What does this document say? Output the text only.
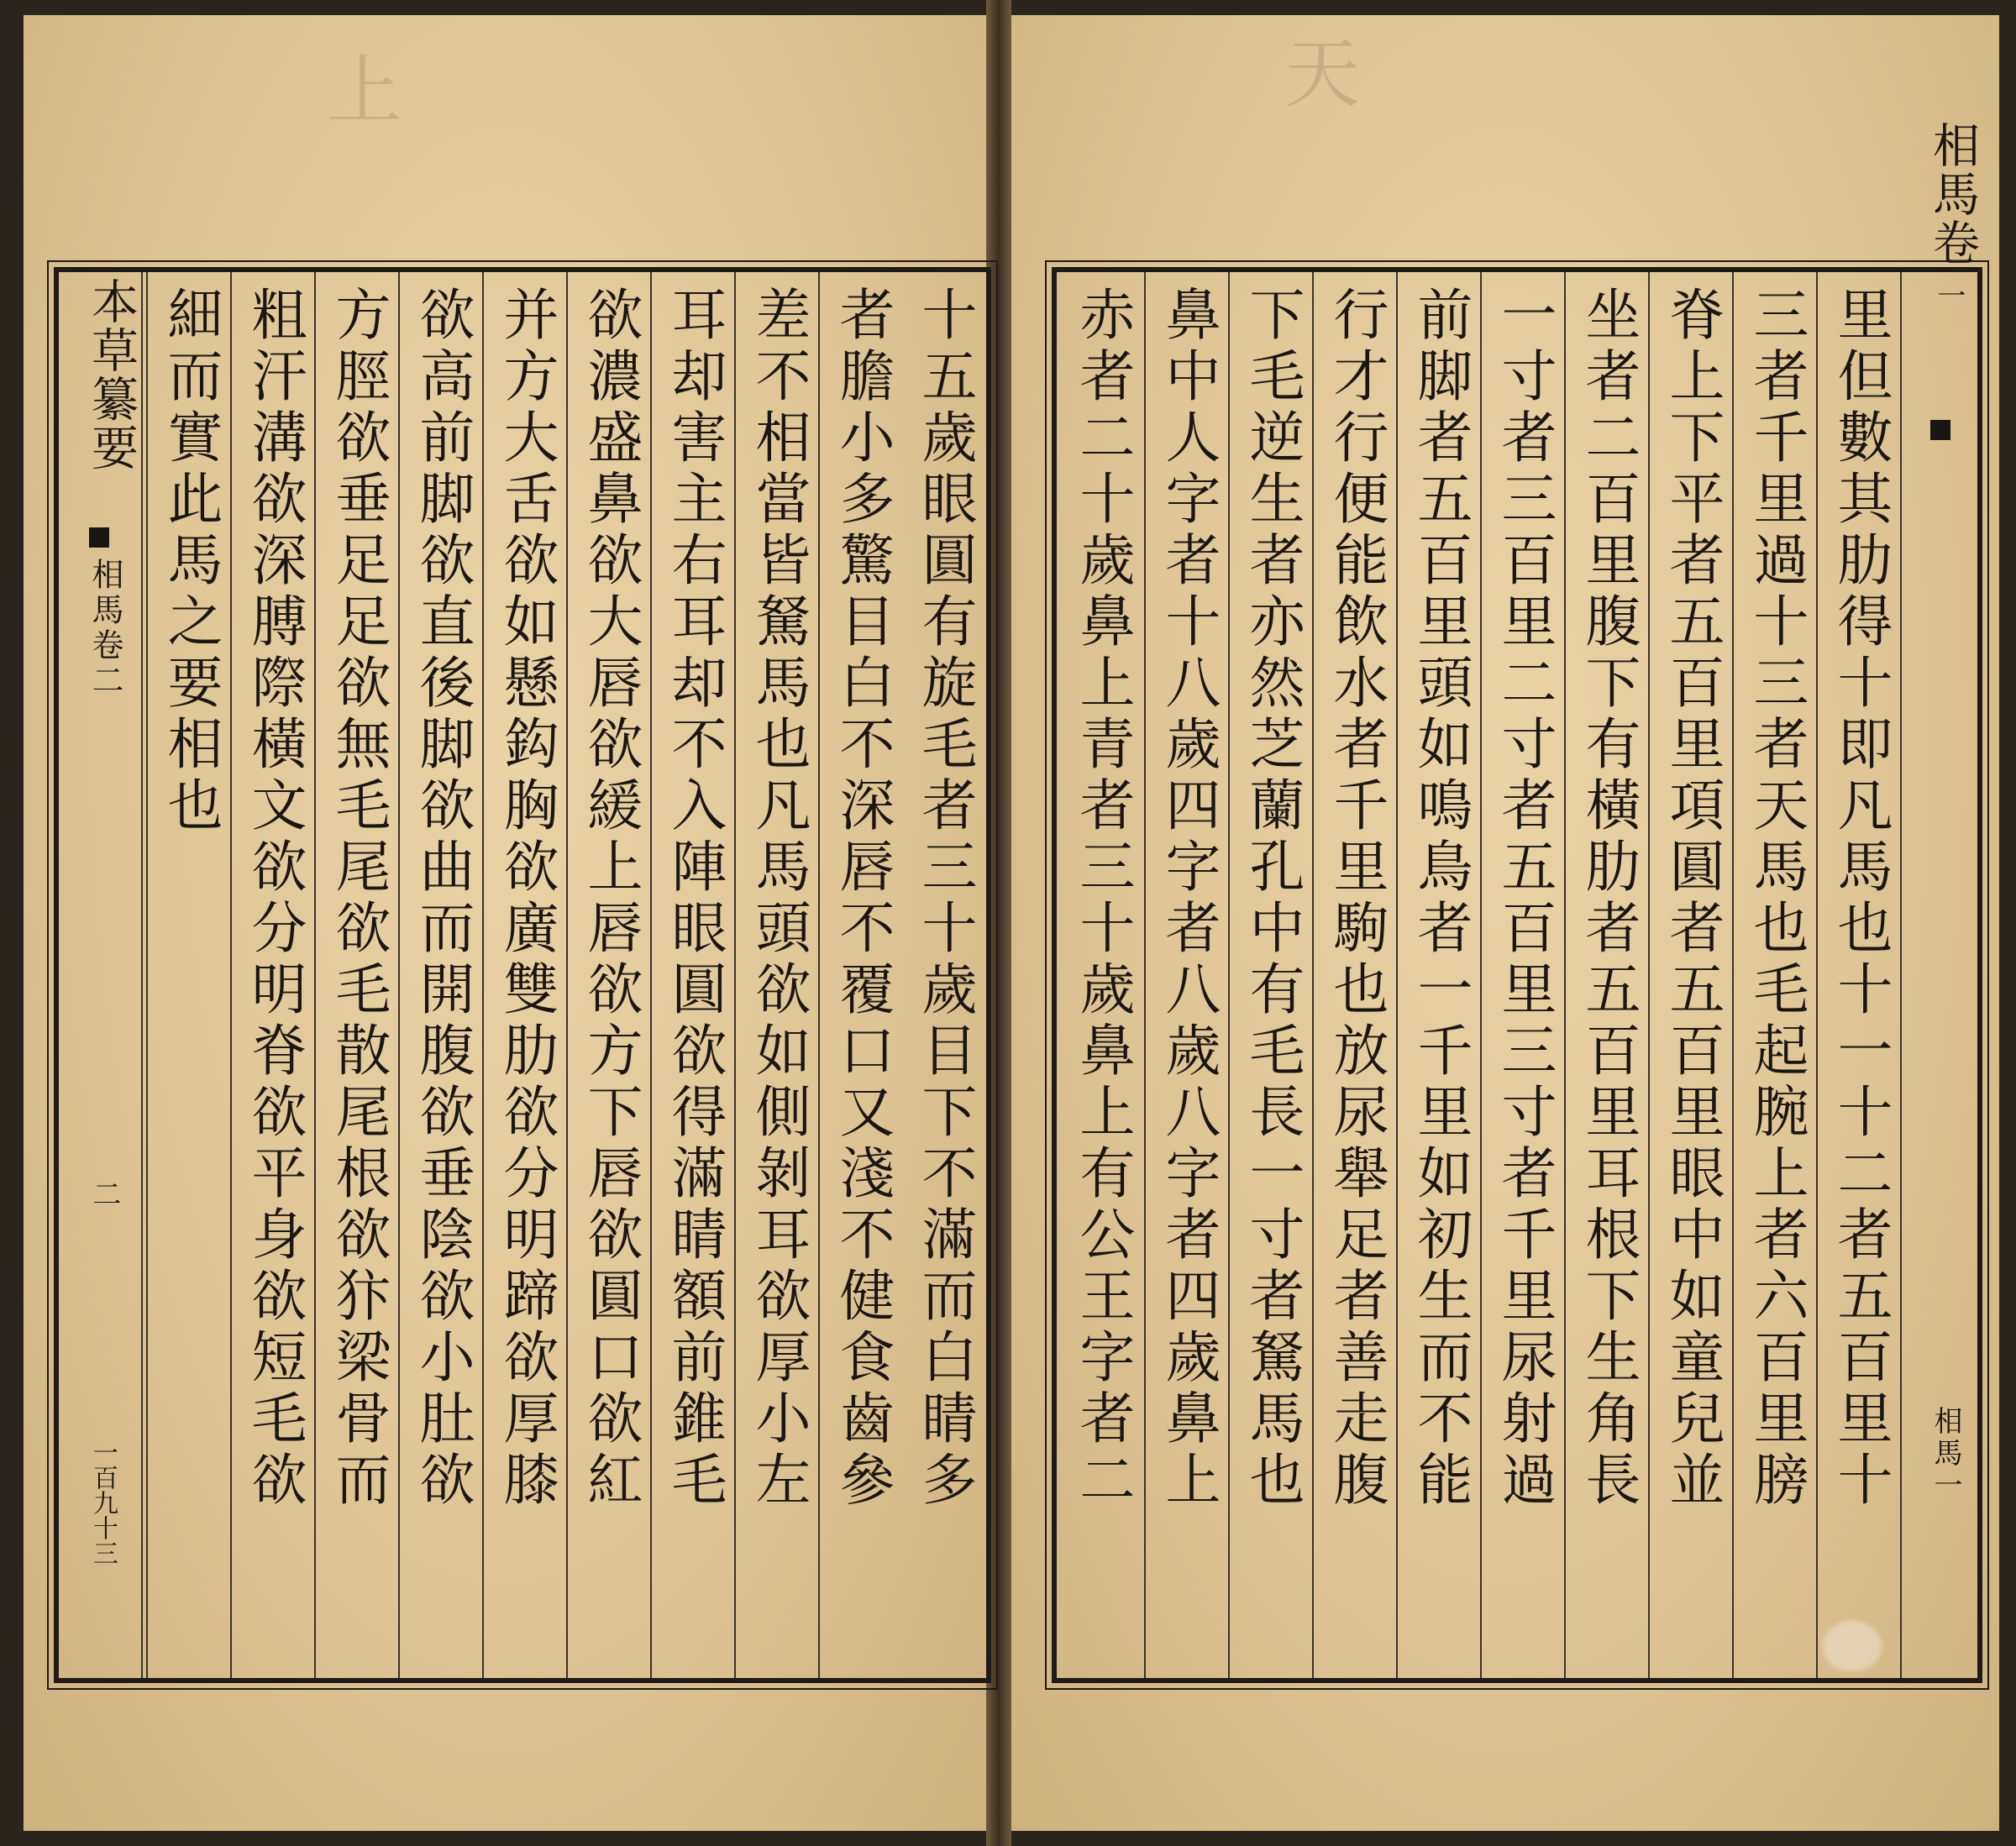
上	天
十五歲眼圓有旋毛者三十歲目下不滿而白睛多
者膽小多驚目白不深唇不覆口又淺不健食齒參
差不相當皆駑馬也凡馬頭欲如側剝耳欲厚小左
耳却害主右耳却不入陣眼圓欲得滿睛額前錐毛
欲濃盛鼻欲大唇欲緩上唇欲方下唇欲圓口欲紅
并方大舌欲如懸鈎胸欲廣雙肋欲分明蹄欲厚膝
欲高前脚欲直後脚欲曲而開腹欲垂陰欲小肚欲
方脛欲垂足足欲無毛尾欲毛散尾根欲犿梁骨而
粗汗溝欲深膊際橫文欲分明脊欲平身欲短毛欲
細而實此馬之要相也
本草纂要
相馬卷二
二
一百九十三
相馬卷
一
相馬一
里但數其肋得十即凡馬也十一十二者五百里十
三者千里過十三者天馬也毛起腕上者六百里膀
脊上下平者五百里項圓者五百里眼中如童兒並
坐者二百里腹下有橫肋者五百里耳根下生角長
一寸者三百里二寸者五百里三寸者千里尿射過
前脚者五百里頭如鳴鳥者一千里如初生而不能
行才行便能飲水者千里駒也放尿舉足者善走腹
下毛逆生者亦然芝蘭孔中有毛長一寸者駑馬也
鼻中人字者十八歲四字者八歲八字者四歲鼻上
赤者二十歲鼻上青者三十歲鼻上有公王字者二
